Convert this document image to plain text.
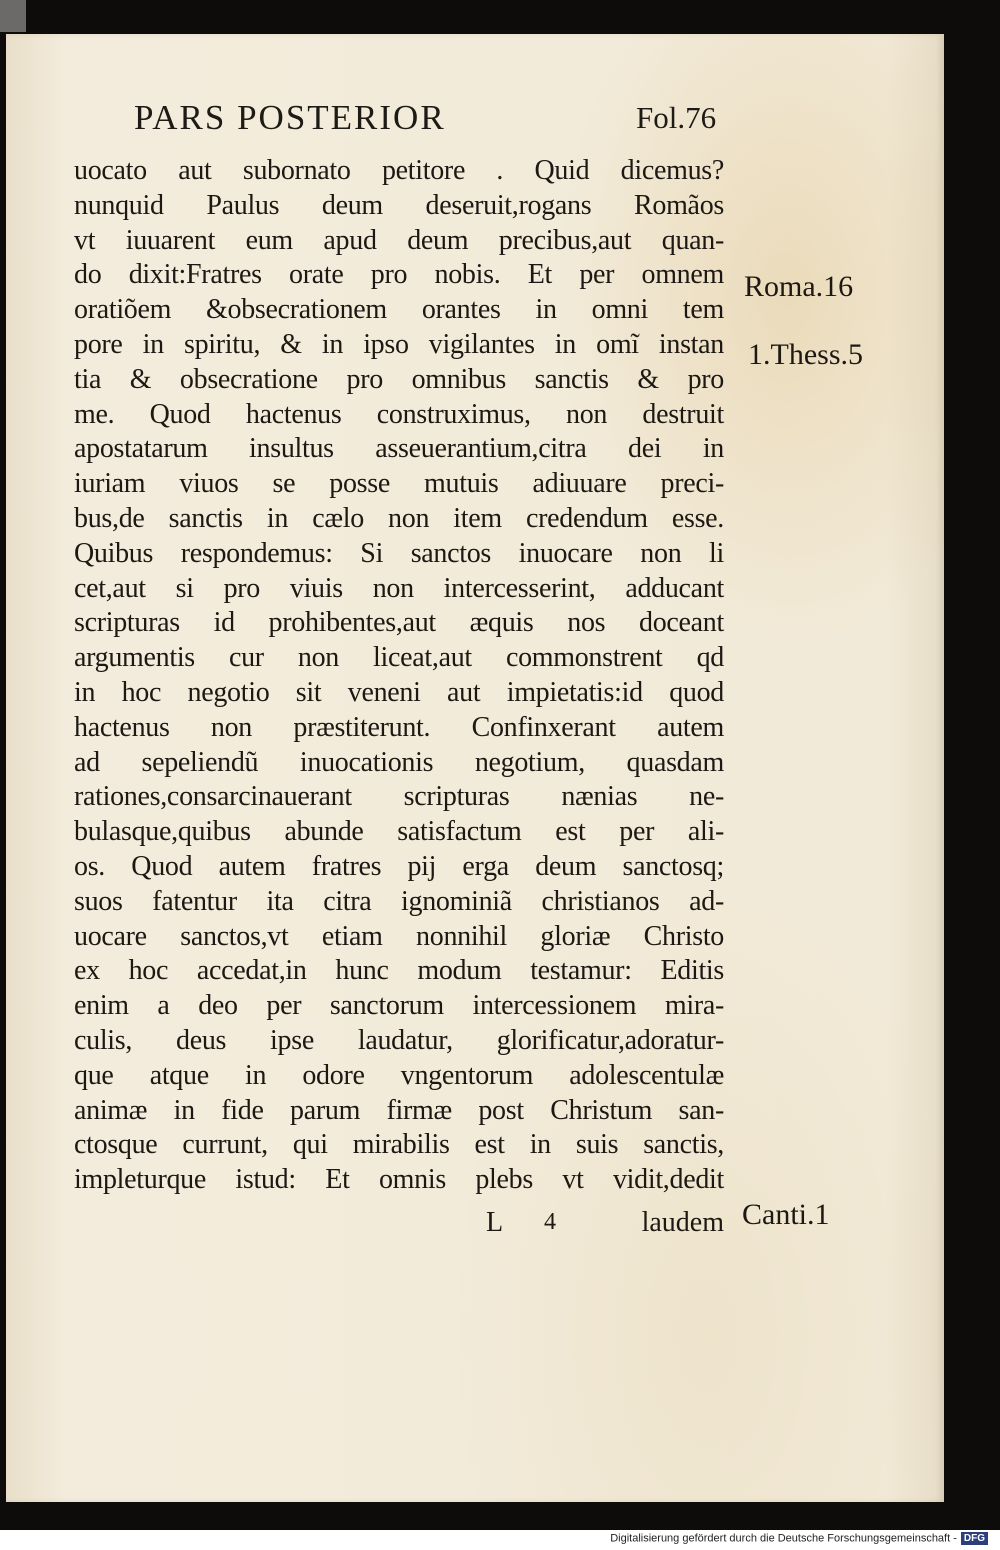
PARS POSTERIOR	Fol.76
uocato aut subornato petitore . Quid dicemus?
nunquid Paulus deum deseruit,rogans Romãos
vt iuuarent eum apud deum precibus,aut quan-
do dixit:Fratres orate pro nobis. Et per omnem
oratiõem &obsecrationem orantes in omni tem
pore in spiritu, & in ipso vigilantes in omĩ instan
tia & obsecratione pro omnibus sanctis & pro
me. Quod hactenus construximus, non destruit
apostatarum insultus asseuerantium,citra dei in
iuriam viuos se posse mutuis adiuuare preci-
bus,de sanctis in cælo non item credendum esse.
Quibus respondemus: Si sanctos inuocare non li
cet,aut si pro viuis non intercesserint, adducant
scripturas id prohibentes,aut æquis nos doceant
argumentis cur non liceat,aut commonstrent qd
in hoc negotio sit veneni aut impietatis:id quod
hactenus non præstiterunt. Confinxerant autem
ad sepeliendũ inuocationis negotium, quasdam
rationes,consarcinauerant scripturas nænias ne-
bulasque,quibus abunde satisfactum est per ali-
os. Quod autem fratres pij erga deum sanctosq;
suos fatentur ita citra ignominiã christianos ad-
uocare sanctos,vt etiam nonnihil gloriæ Christo
ex hoc accedat,in hunc modum testamur: Editis
enim a deo per sanctorum intercessionem mira-
culis, deus ipse laudatur, glorificatur,adoratur-
que atque in odore vngentorum adolescentulæ
animæ in fide parum firmæ post Christum san-
ctosque currunt, qui mirabilis est in suis sanctis,
impleturque istud: Et omnis plebs vt vidit,dedit
Roma.16
1.Thess.5
Canti.1
L 4	laudem
Digitalisierung gefördert durch die Deutsche Forschungsgemeinschaft - DFG
